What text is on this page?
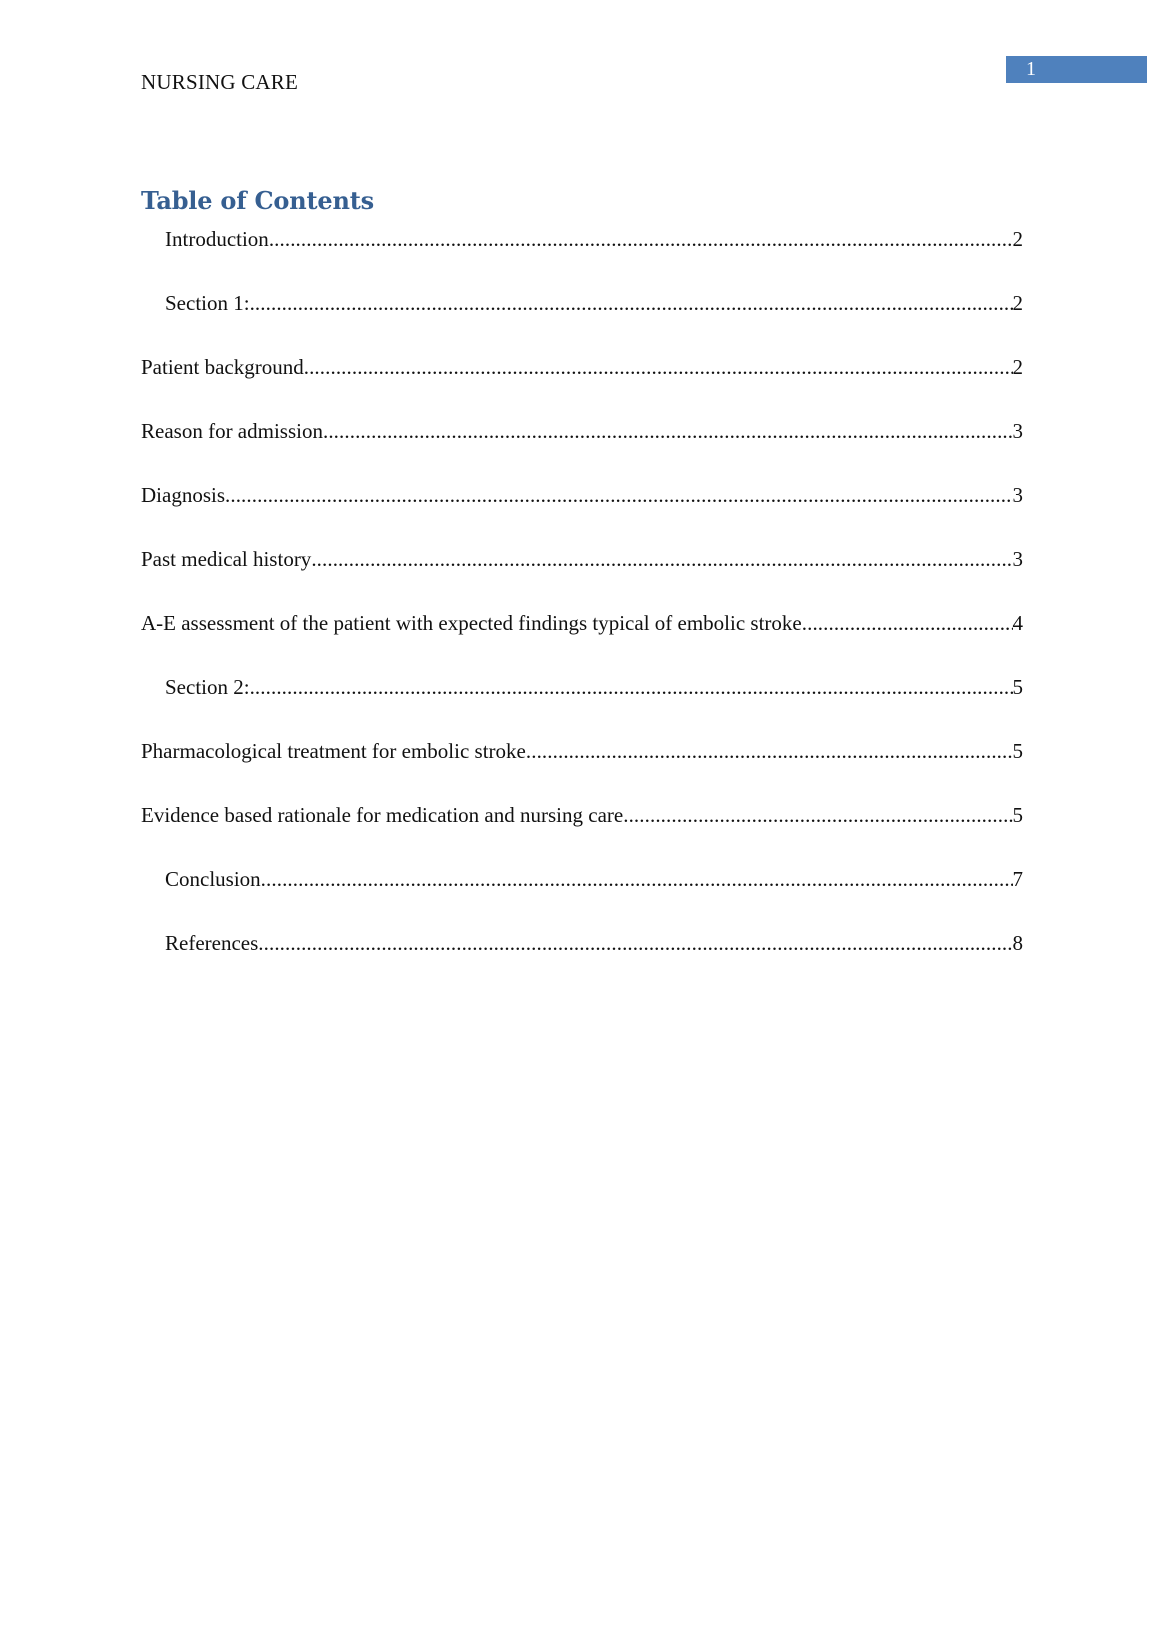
NURSING CARE
1
Table of Contents
Introduction .....	2
Section 1: .....	2
Patient background .....	2
Reason for admission .....	3
Diagnosis .....	3
Past medical history .....	3
A-E assessment of the patient with expected findings typical of embolic stroke .....	4
Section 2: .....	5
Pharmacological treatment for embolic stroke .....	5
Evidence based rationale for medication and nursing care .....	5
Conclusion .....	7
References .....	8
